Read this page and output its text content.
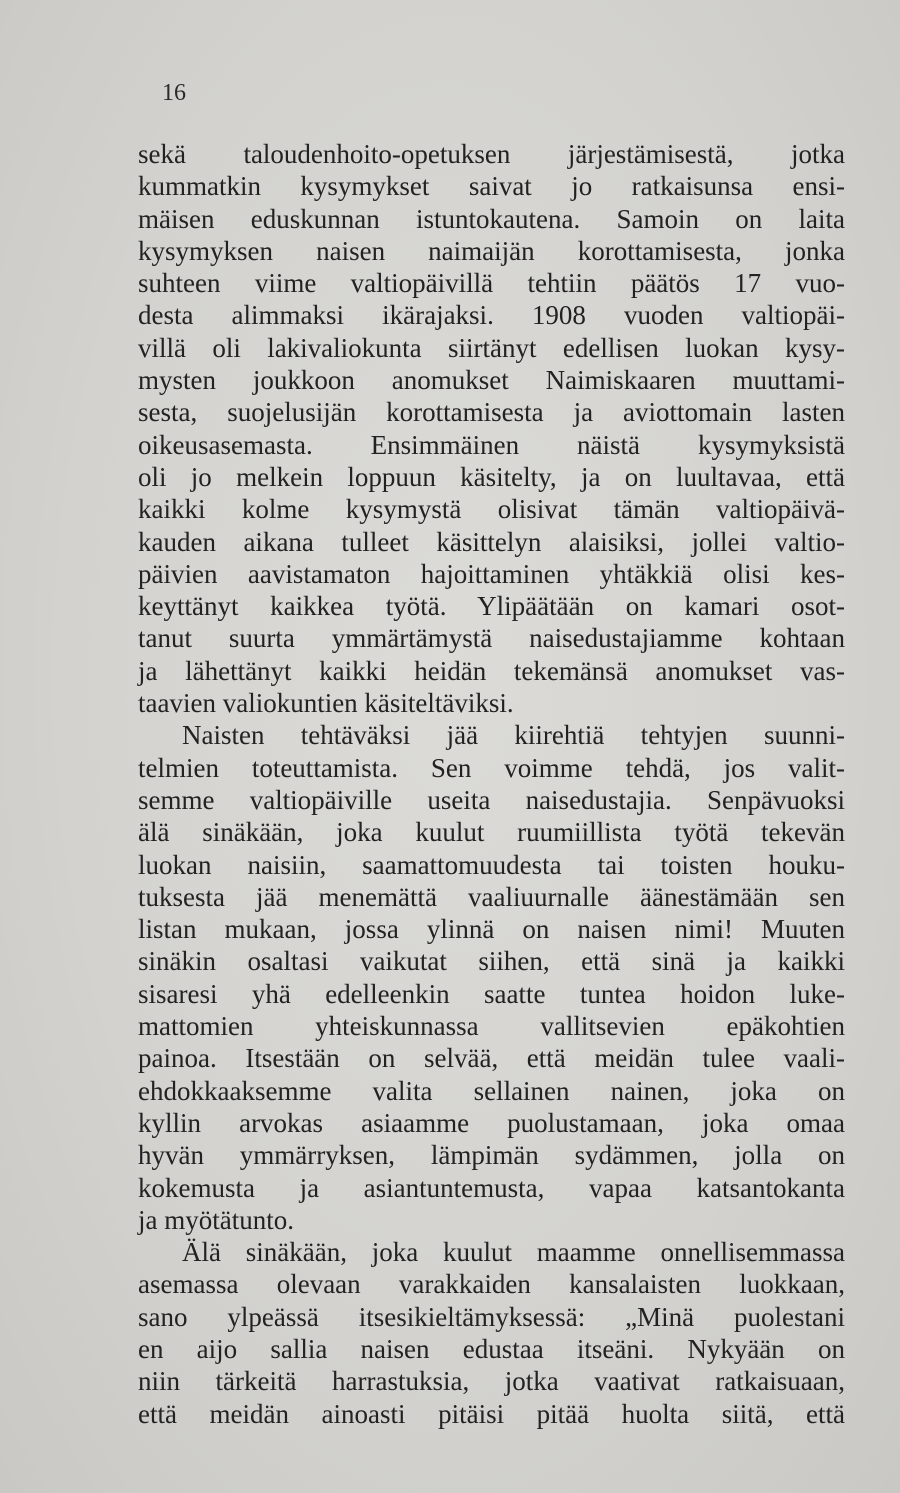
16
sekä taloudenhoito-opetuksen järjestämisestä, jotka
kummatkin kysymykset saivat jo ratkaisunsa ensi-
mäisen eduskunnan istuntokautena. Samoin on laita
kysymyksen naisen naimaijän korottamisesta, jonka
suhteen viime valtiopäivillä tehtiin päätös 17 vuo-
desta alimmaksi ikärajaksi. 1908 vuoden valtiopäi-
villä oli lakivaliokunta siirtänyt edellisen luokan kysy-
mysten joukkoon anomukset Naimiskaaren muuttami-
sesta, suojelusijän korottamisesta ja aviottomain lasten
oikeusasemasta. Ensimmäinen näistä kysymyksistä
oli jo melkein loppuun käsitelty, ja on luultavaa, että
kaikki kolme kysymystä olisivat tämän valtiopäivä-
kauden aikana tulleet käsittelyn alaisiksi, jollei valtio-
päivien aavistamaton hajoittaminen yhtäkkiä olisi kes-
keyttänyt kaikkea työtä. Ylipäätään on kamari osot-
tanut suurta ymmärtämystä naisedustajiamme kohtaan
ja lähettänyt kaikki heidän tekemänsä anomukset vas-
taavien valiokuntien käsiteltäviksi.
Naisten tehtäväksi jää kiirehtiä tehtyjen suunni-
telmien toteuttamista. Sen voimme tehdä, jos valit-
semme valtiopäiville useita naisedustajia. Senpävuoksi
älä sinäkään, joka kuulut ruumiillista työtä tekevän
luokan naisiin, saamattomuudesta tai toisten houku-
tuksesta jää menemättä vaaliuurnalle äänestämään sen
listan mukaan, jossa ylinnä on naisen nimi! Muuten
sinäkin osaltasi vaikutat siihen, että sinä ja kaikki
sisaresi yhä edelleenkin saatte tuntea hoidon luke-
mattomien yhteiskunnassa vallitsevien epäkohtien
painoa. Itsestään on selvää, että meidän tulee vaali-
ehdokkaaksemme valita sellainen nainen, joka on
kyllin arvokas asiaamme puolustamaan, joka omaa
hyvän ymmärryksen, lämpimän sydämmen, jolla on
kokemusta ja asiantuntemusta, vapaa katsantokanta
ja myötätunto.
Älä sinäkään, joka kuulut maamme onnellisemmassa
asemassa olevaan varakkaiden kansalaisten luokkaan,
sano ylpeässä itsesikieltämyksessä: „Minä puolestani
en aijo sallia naisen edustaa itseäni. Nykyään on
niin tärkeitä harrastuksia, jotka vaativat ratkaisuaan,
että meidän ainoasti pitäisi pitää huolta siitä, että
